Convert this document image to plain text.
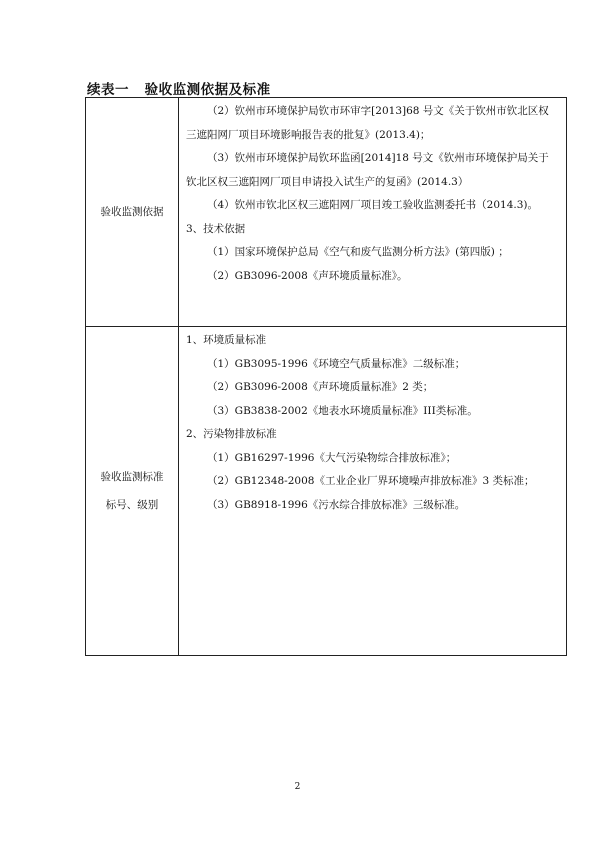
续表一 验收监测依据及标准
验收监测依据

（2）钦州市环境保护局钦市环审字[2013]68 号文《关于钦州市钦北区权三遮阳网厂项目环境影响报告表的批复》(2013.4)；

（3）钦州市环境保护局钦环监函[2014]18 号文《钦州市环境保护局关于钦北区权三遮阳网厂项目申请投入试生产的复函》(2014.3）

（4）钦州市钦北区权三遮阳网厂项目竣工验收监测委托书（2014.3)。

3、技术依据

（1）国家环境保护总局《空气和废气监测分析方法》(第四版) ；

（2）GB3096-2008《声环境质量标准》。

验收监测标准
标号、级别

1、环境质量标准

（1）GB3095-1996《环境空气质量标准》二级标准；

（2）GB3096-2008《声环境质量标准》2 类；

（3）GB3838-2002《地表水环境质量标准》III类标准。

2、污染物排放标准

（1）GB16297-1996《大气污染物综合排放标准》；

（2）GB12348-2008《工业企业厂界环境噪声排放标准》3 类标准；

（3）GB8918-1996《污水综合排放标准》三级标准。

2
